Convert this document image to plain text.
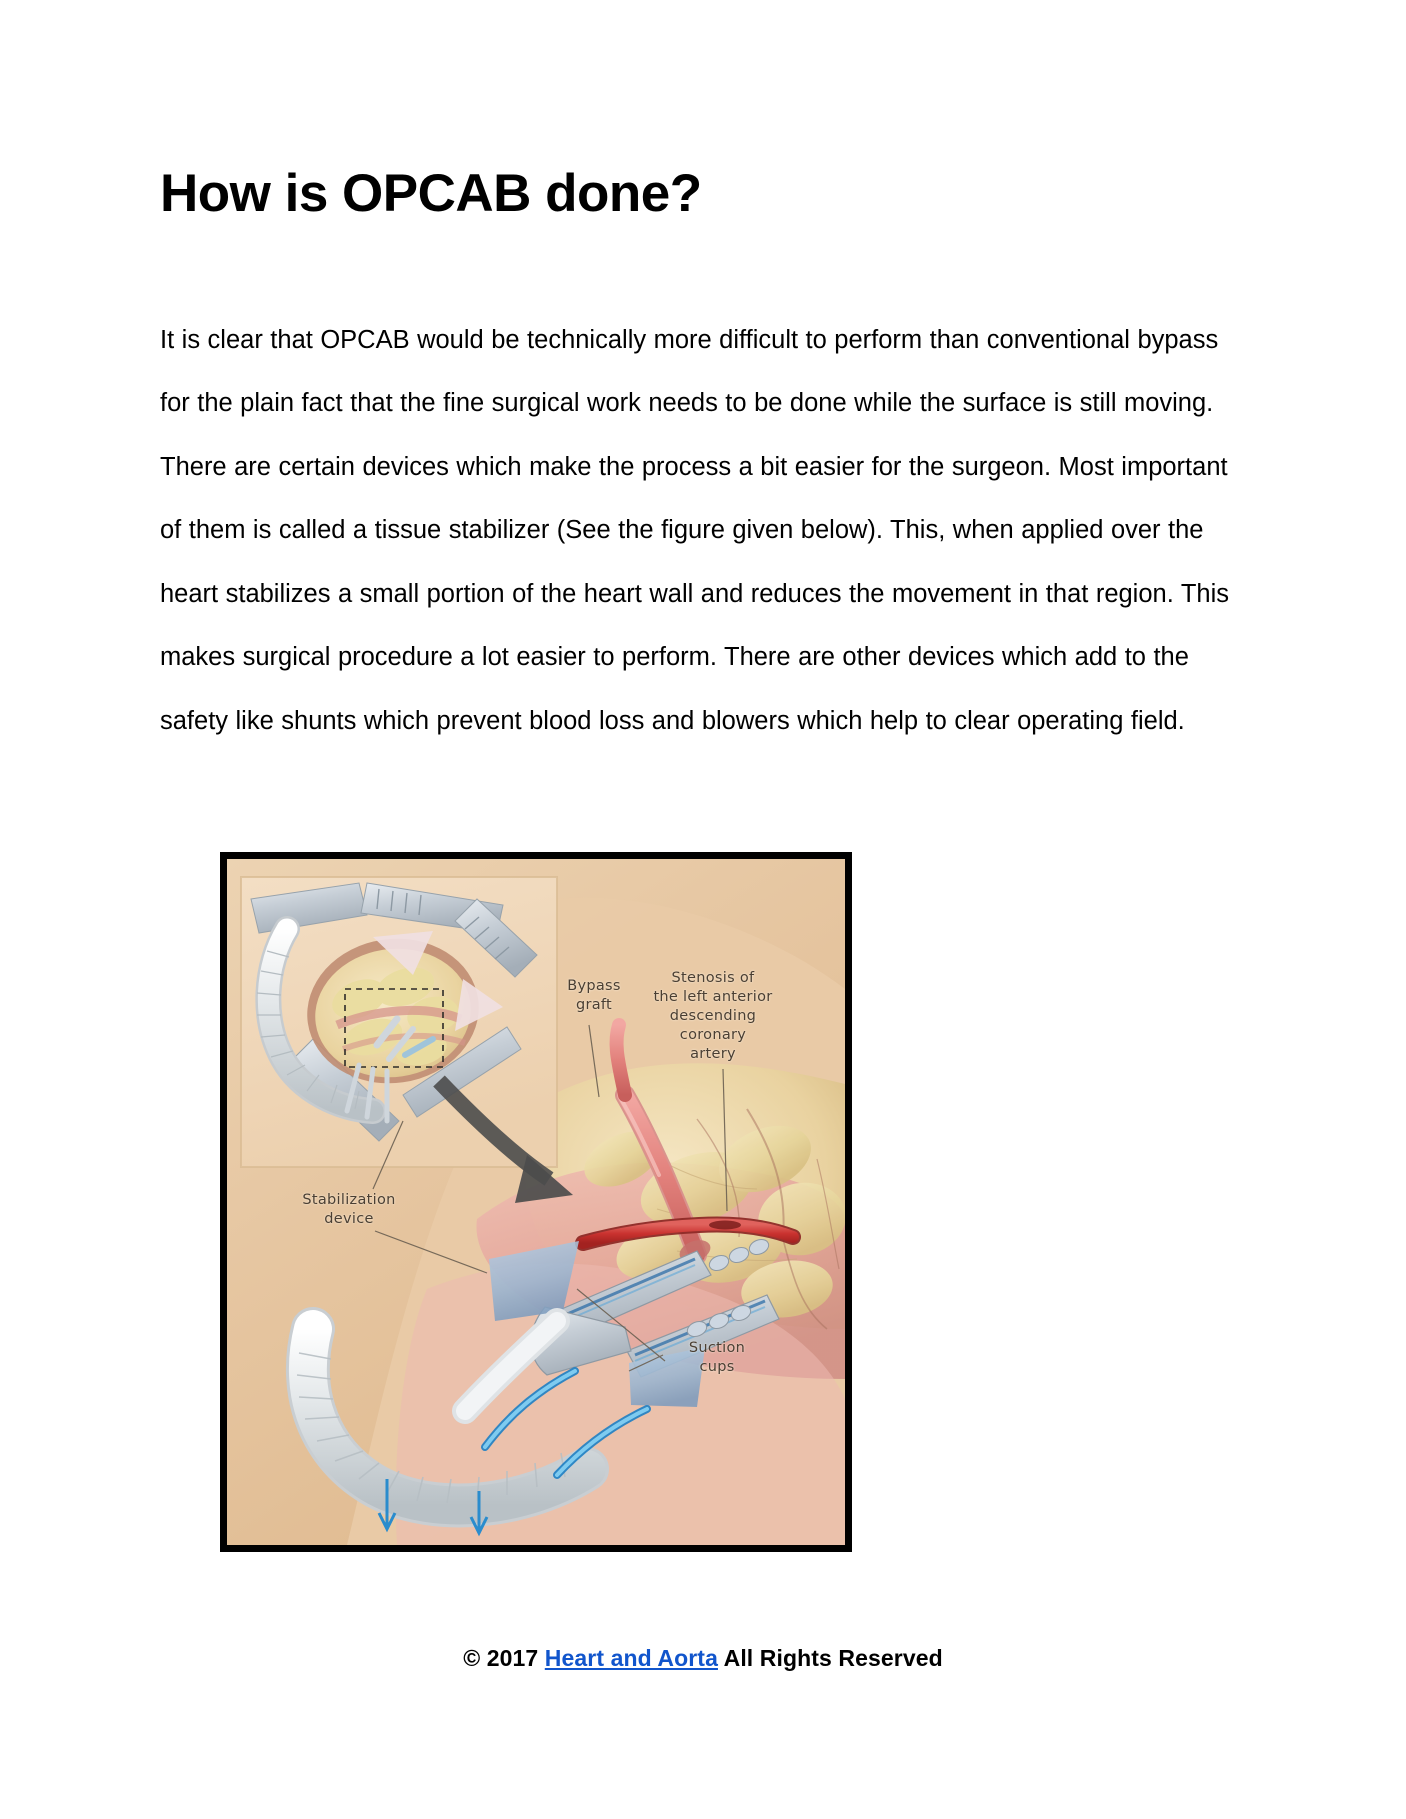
How is OPCAB done?

It is clear that OPCAB would be technically more difficult to perform than conventional bypass for the plain fact that the fine surgical work needs to be done while the surface is still moving. There are certain devices which make the process a bit easier for the surgeon. Most important of them is called a tissue stabilizer (See the figure given below). This, when applied over the heart stabilizes a small portion of the heart wall and reduces the movement in that region. This makes surgical procedure a lot easier to perform. There are other devices which add to the safety like shunts which prevent blood loss and blowers which help to clear operating field.

Bypass
graft
Stenosis of
the left anterior
descending
coronary
artery
Stabilization
device
Suction
cups
© 2017 Heart and Aorta All Rights Reserved
